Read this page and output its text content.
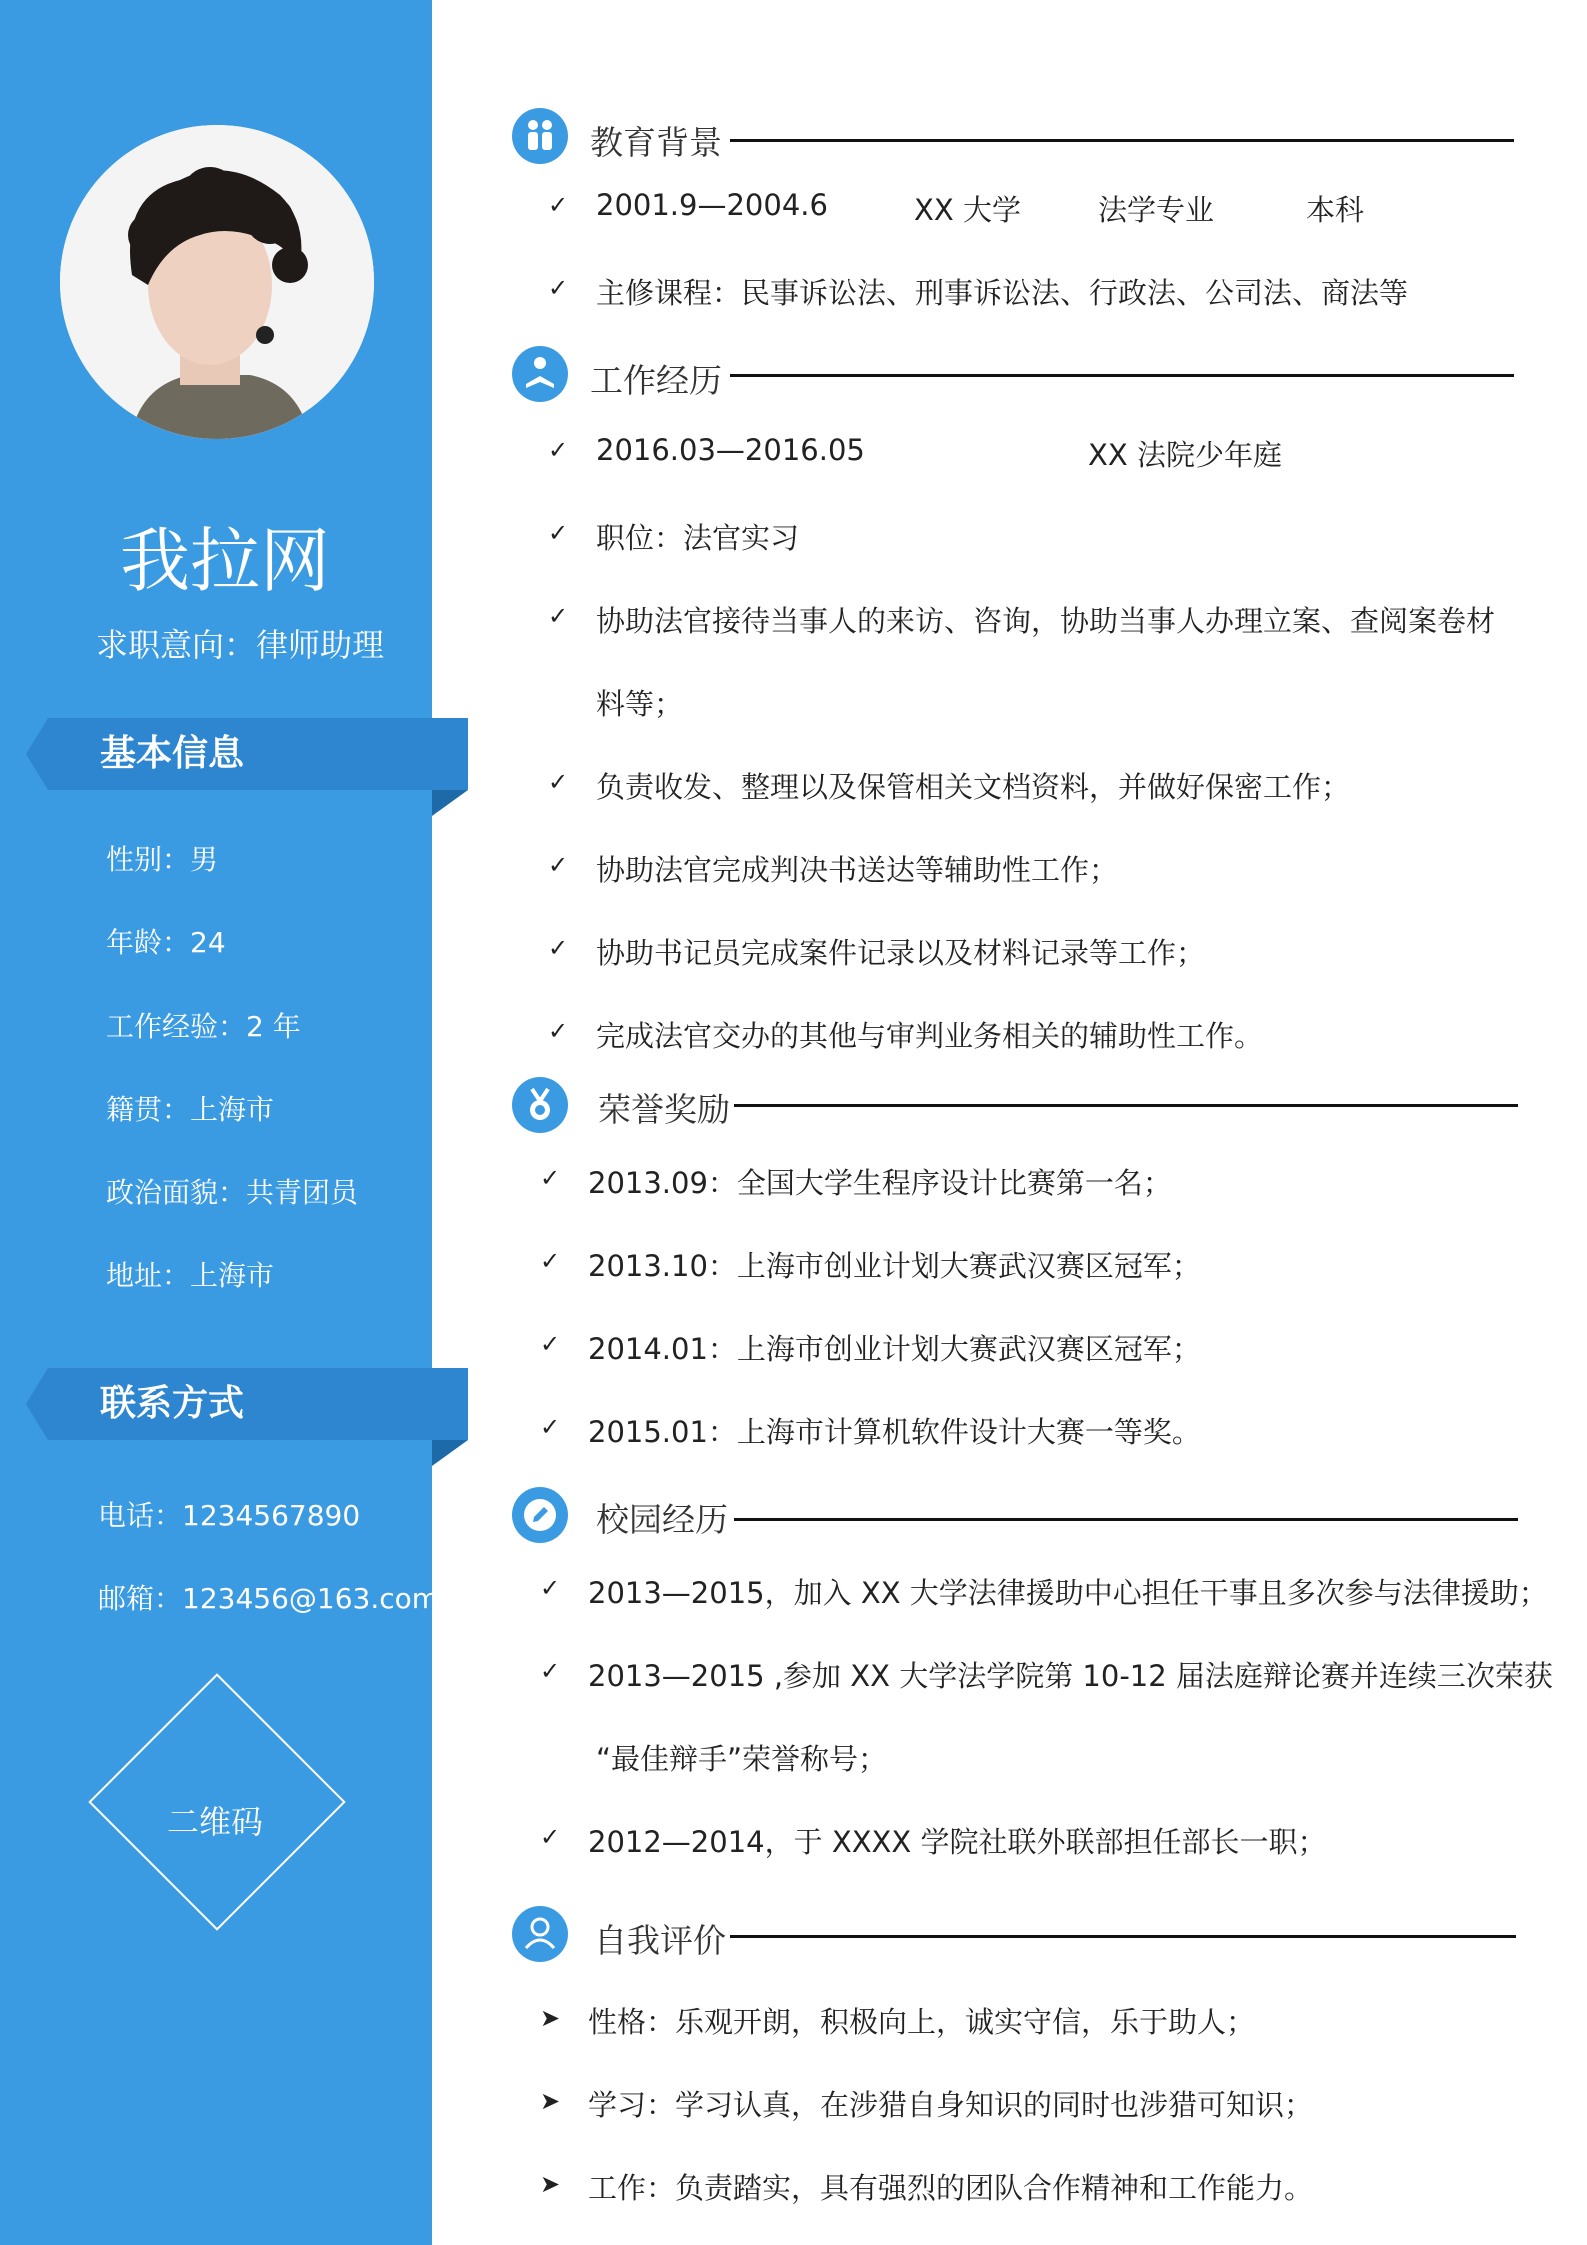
我拉网
求职意向：律师助理
基本信息
性别：男
年龄：24
工作经验：2 年
籍贯：上海市
政治面貌：共青团员
地址：上海市
联系方式
电话：1234567890
邮箱：123456@163.com
二维码
教育背景
✓ 2001.9—2004.6	XX 大学	法学专业	本科
✓ 主修课程：民事诉讼法、刑事诉讼法、行政法、公司法、商法等
工作经历
✓ 2016.03—2016.05	XX 法院少年庭
✓ 职位：法官实习
✓ 协助法官接待当事人的来访、咨询，协助当事人办理立案、查阅案卷材
料等；
✓ 负责收发、整理以及保管相关文档资料，并做好保密工作；
✓ 协助法官完成判决书送达等辅助性工作；
✓ 协助书记员完成案件记录以及材料记录等工作；
✓ 完成法官交办的其他与审判业务相关的辅助性工作。
荣誉奖励
✓ 2013.09：全国大学生程序设计比赛第一名；
✓ 2013.10：上海市创业计划大赛武汉赛区冠军；
✓ 2014.01：上海市创业计划大赛武汉赛区冠军；
✓ 2015.01：上海市计算机软件设计大赛一等奖。
校园经历
✓ 2013—2015，加入 XX 大学法律援助中心担任干事且多次参与法律援助；
✓ 2013—2015 ,参加 XX 大学法学院第 10-12 届法庭辩论赛并连续三次荣获
“最佳辩手”荣誉称号；
✓ 2012—2014，于 XXXX 学院社联外联部担任部长一职；
自我评价
➤ 性格：乐观开朗，积极向上，诚实守信，乐于助人；
➤ 学习：学习认真，在涉猎自身知识的同时也涉猎可知识；
➤ 工作：负责踏实，具有强烈的团队合作精神和工作能力。
